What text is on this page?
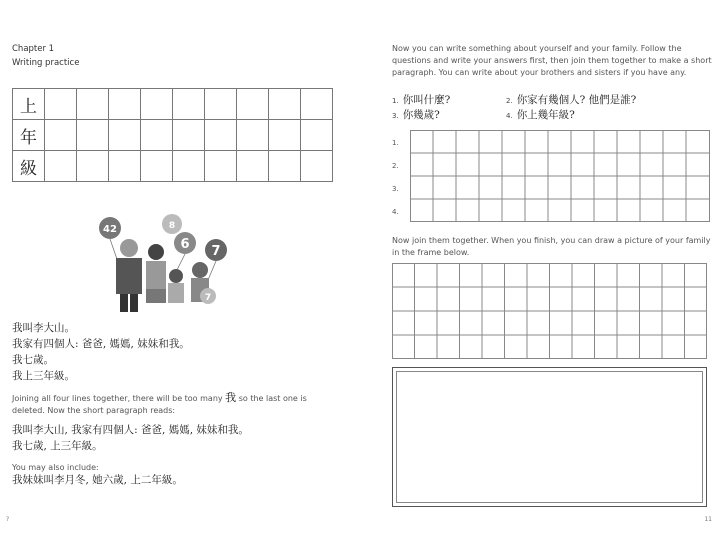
Chapter 1
Writing practice
上									
年									
級									
42	8
6 7
7
我叫李大山。
我家有四個人: 爸爸, 媽媽, 妹妹和我。
我七歲。
我上三年級。
Joining all four lines together, there will be too many 我 so the last one is deleted. Now the short paragraph reads:
我叫李大山, 我家有四個人: 爸爸, 媽媽, 妹妹和我。
我七歲, 上三年級。
You may also include:
我妹妹叫李月冬, 她六歲, 上二年級。
?
Now you can write something about yourself and your family. Follow the questions and write your answers first, then join them together to make a short paragraph. You can write about your brothers and sisters if you have any.
1. 你叫什麼?	2. 你家有幾個人? 他們是誰?
3. 你幾歲?	4. 你上幾年級?
1.
2.
3.
4.
Now join them together. When you finish, you can draw a picture of your family in the frame below.
11
